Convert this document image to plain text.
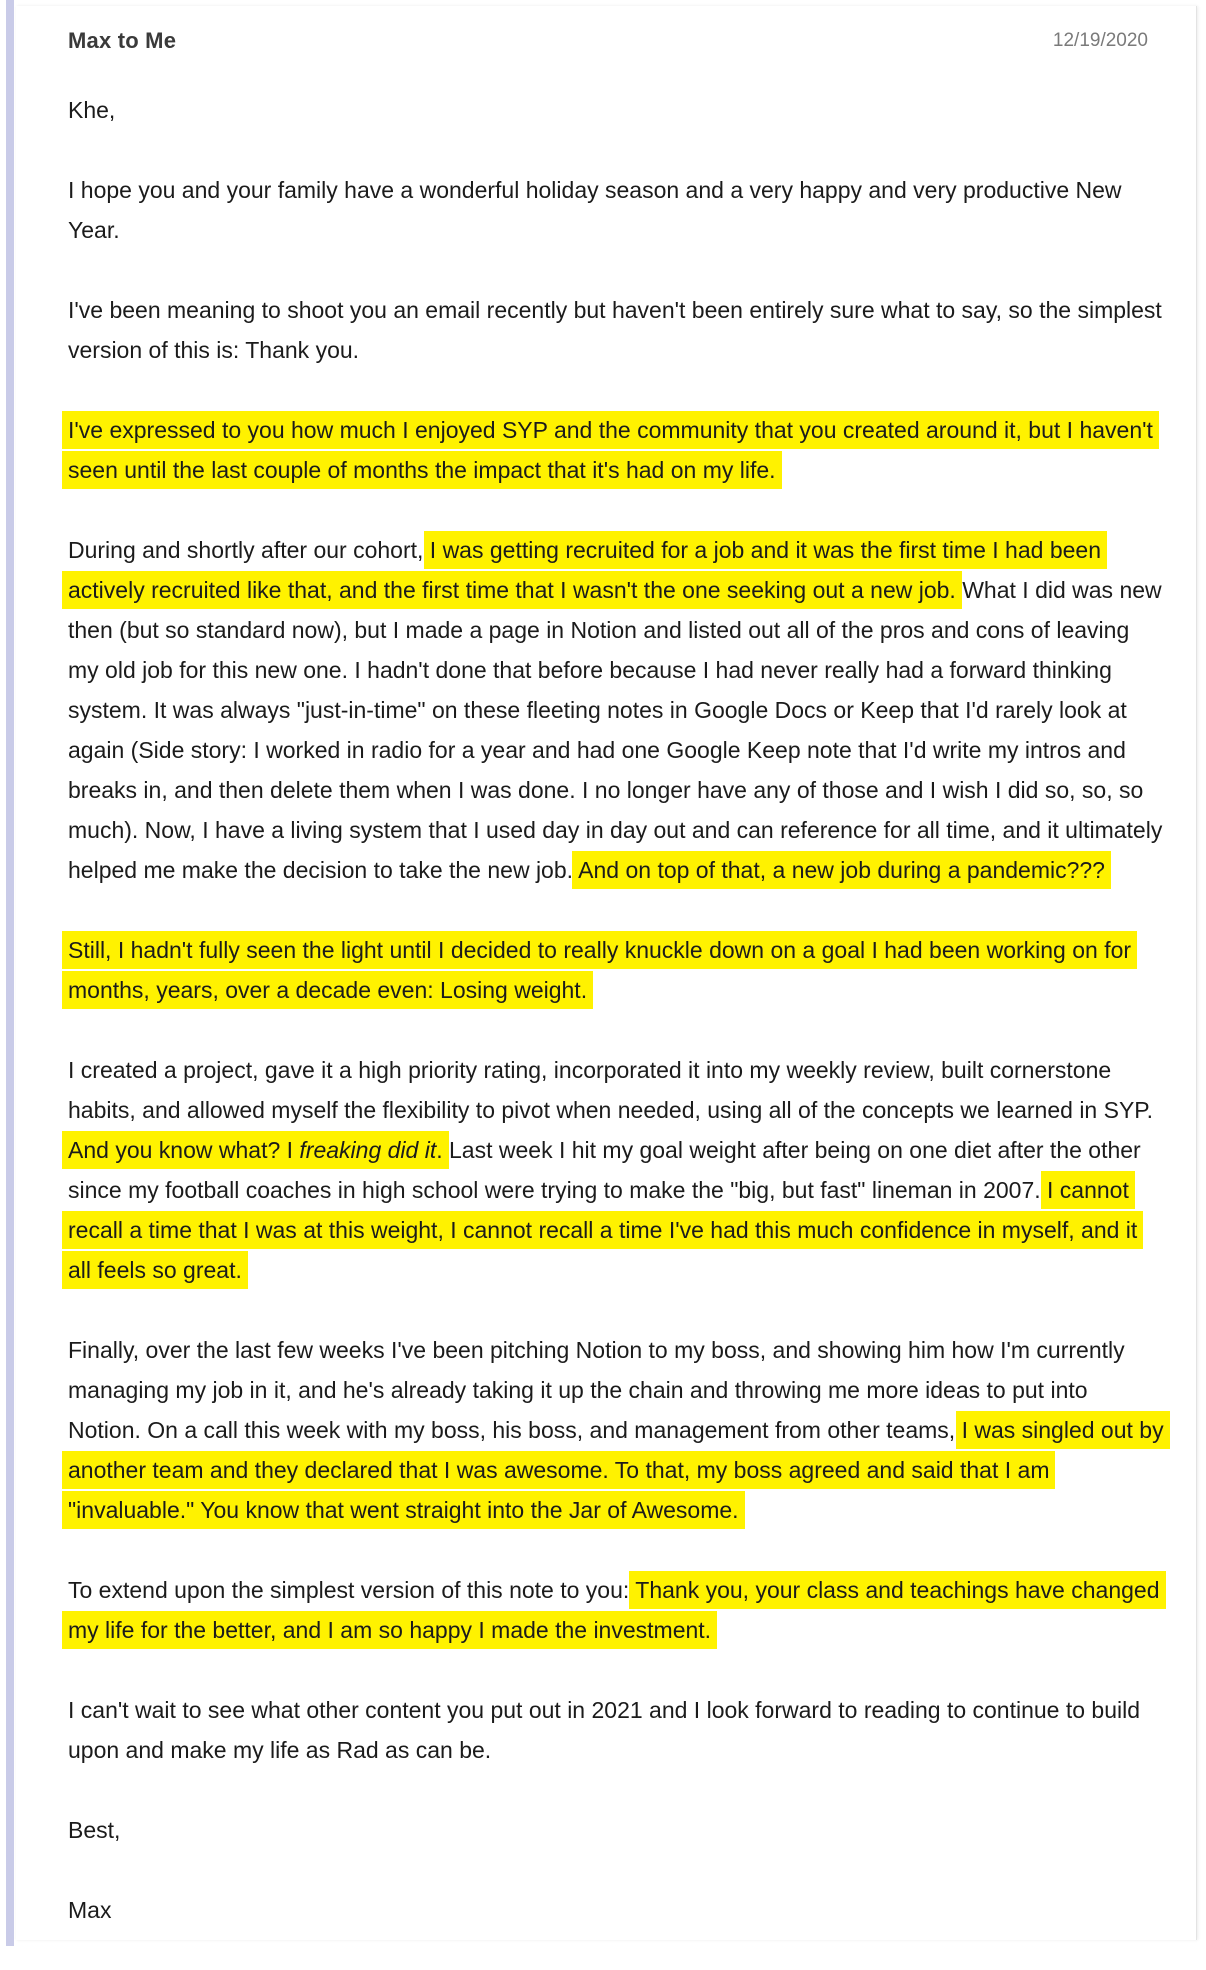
Max to Me	12/19/2020

Khe,

I hope you and your family have a wonderful holiday season and a very happy and very productive New Year.

I've been meaning to shoot you an email recently but haven't been entirely sure what to say, so the simplest version of this is: Thank you.

I've expressed to you how much I enjoyed SYP and the community that you created around it, but I haven't seen until the last couple of months the impact that it's had on my life.

During and shortly after our cohort, I was getting recruited for a job and it was the first time I had been actively recruited like that, and the first time that I wasn't the one seeking out a new job. What I did was new then (but so standard now), but I made a page in Notion and listed out all of the pros and cons of leaving my old job for this new one. I hadn't done that before because I had never really had a forward thinking system. It was always "just-in-time" on these fleeting notes in Google Docs or Keep that I'd rarely look at again (Side story: I worked in radio for a year and had one Google Keep note that I'd write my intros and breaks in, and then delete them when I was done. I no longer have any of those and I wish I did so, so, so much). Now, I have a living system that I used day in day out and can reference for all time, and it ultimately helped me make the decision to take the new job. And on top of that, a new job during a pandemic???

Still, I hadn't fully seen the light until I decided to really knuckle down on a goal I had been working on for months, years, over a decade even: Losing weight.

I created a project, gave it a high priority rating, incorporated it into my weekly review, built cornerstone habits, and allowed myself the flexibility to pivot when needed, using all of the concepts we learned in SYP. And you know what? I freaking did it. Last week I hit my goal weight after being on one diet after the other since my football coaches in high school were trying to make the "big, but fast" lineman in 2007. I cannot recall a time that I was at this weight, I cannot recall a time I've had this much confidence in myself, and it all feels so great.

Finally, over the last few weeks I've been pitching Notion to my boss, and showing him how I'm currently managing my job in it, and he's already taking it up the chain and throwing me more ideas to put into Notion. On a call this week with my boss, his boss, and management from other teams, I was singled out by another team and they declared that I was awesome. To that, my boss agreed and said that I am "invaluable." You know that went straight into the Jar of Awesome.

To extend upon the simplest version of this note to you: Thank you, your class and teachings have changed my life for the better, and I am so happy I made the investment.

I can't wait to see what other content you put out in 2021 and I look forward to reading to continue to build upon and make my life as Rad as can be.

Best,

Max
